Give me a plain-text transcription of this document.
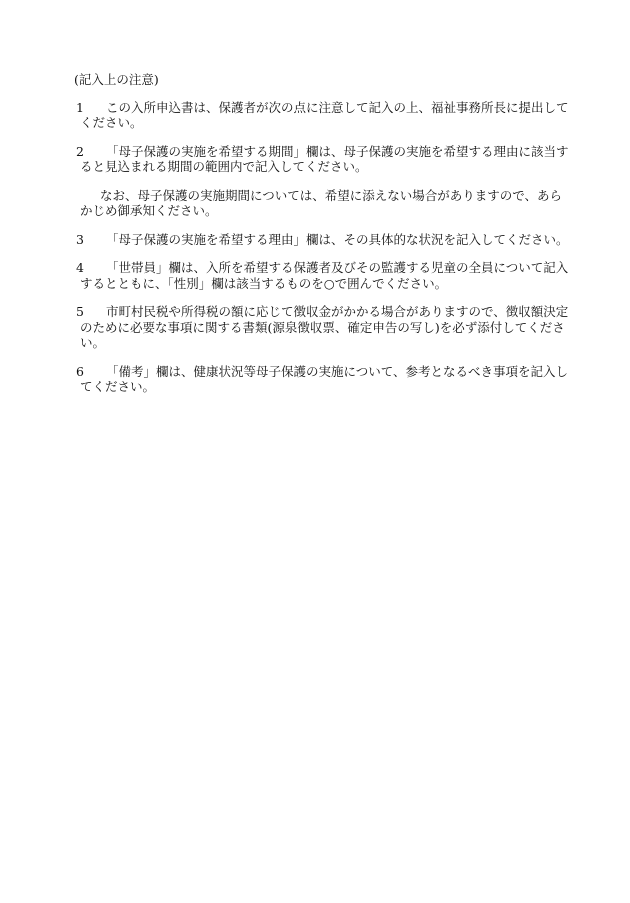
(記入上の注意)
1	この入所申込書は、保護者が次の点に注意して記入の上、福祉事務所長に提出してください。
2	「母子保護の実施を希望する期間」欄は、母子保護の実施を希望する理由に該当すると見込まれる期間の範囲内で記入してください。

なお、母子保護の実施期間については、希望に添えない場合がありますので、あらかじめ御承知ください。

3	「母子保護の実施を希望する理由」欄は、その具体的な状況を記入してください。
4	「世帯員」欄は、入所を希望する保護者及びその監護する児童の全員について記入するとともに、「性別」欄は該当するものを○で囲んでください。
5	市町村民税や所得税の額に応じて徴収金がかかる場合がありますので、徴収額決定のために必要な事項に関する書類(源泉徴収票、確定申告の写し)を必ず添付してください。
6	「備考」欄は、健康状況等母子保護の実施について、参考となるべき事項を記入してください。
